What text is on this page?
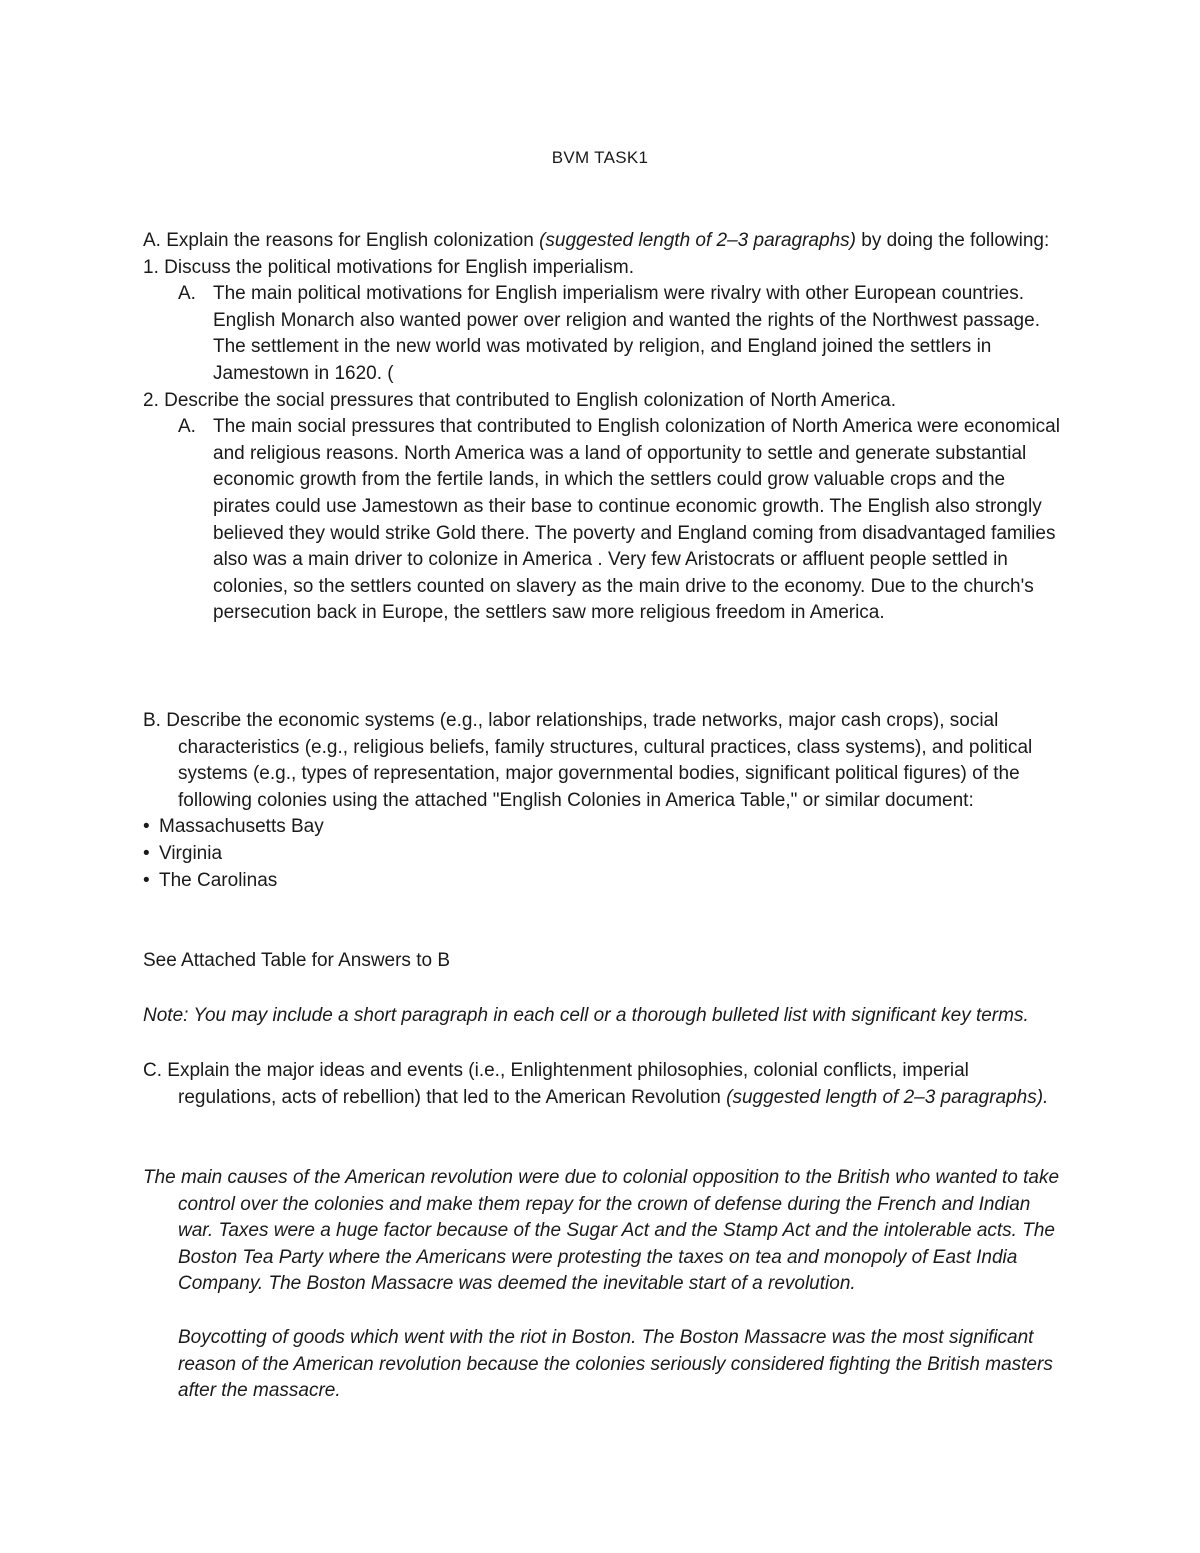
BVM TASK1

A. Explain the reasons for English colonization (suggested length of 2–3 paragraphs) by doing the following:

1. Discuss the political motivations for English imperialism.

A. The main political motivations for English imperialism were rivalry with other European countries. English Monarch also wanted power over religion and wanted the rights of the Northwest passage. The settlement in the new world was motivated by religion, and England joined the settlers in Jamestown in 1620. (

2. Describe the social pressures that contributed to English colonization of North America.

A. The main social pressures that contributed to English colonization of North America were economical and religious reasons. North America was a land of opportunity to settle and generate substantial economic growth from the fertile lands, in which the settlers could grow valuable crops and the pirates could use Jamestown as their base to continue economic growth. The English also strongly believed they would strike Gold there. The poverty and England coming from disadvantaged families also was a main driver to colonize in America . Very few Aristocrats or affluent people settled in colonies, so the settlers counted on slavery as the main drive to the economy. Due to the church's persecution back in Europe, the settlers saw more religious freedom in America.

B. Describe the economic systems (e.g., labor relationships, trade networks, major cash crops), social characteristics (e.g., religious beliefs, family structures, cultural practices, class systems), and political systems (e.g., types of representation, major governmental bodies, significant political figures) of the following colonies using the attached "English Colonies in America Table," or similar document:

• Massachusetts Bay
• Virginia
• The Carolinas
See Attached Table for Answers to B
Note: You may include a short paragraph in each cell or a thorough bulleted list with significant key terms.

C. Explain the major ideas and events (i.e., Enlightenment philosophies, colonial conflicts, imperial regulations, acts of rebellion) that led to the American Revolution (suggested length of 2–3 paragraphs).

The main causes of the American revolution were due to colonial opposition to the British who wanted to take control over the colonies and make them repay for the crown of defense during the French and Indian war. Taxes were a huge factor because of the Sugar Act and the Stamp Act and the intolerable acts. The Boston Tea Party where the Americans were protesting the taxes on tea and monopoly of East India Company. The Boston Massacre was deemed the inevitable start of a revolution.

Boycotting of goods which went with the riot in Boston. The Boston Massacre was the most significant reason of the American revolution because the colonies seriously considered fighting the British masters after the massacre.
